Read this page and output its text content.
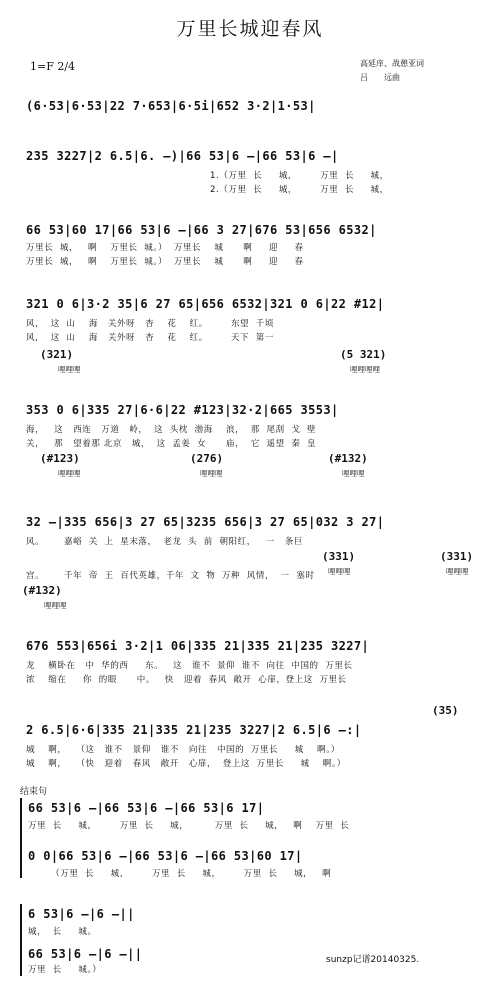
万里长城迎春风
1=F 2/4	高延庠、战憩亚词
吕　　远曲
(6·53|6·53|22 7·653|6·5i|652 3·2|1·53|
235 3227|2 6.5|6. –)|66 53|6 –|66 53|6 –|
1.（万里  长     城，       万里  长     城，
2.（万里  长     城，       万里  长     城，
66 53|60 17|66 53|6 –|66 3 27|676 53|656 6532|
万里长  城，   啊    万里长  城。）  万里长    城      啊     迎     春
万里长  城，   啊    万里长  城。）  万里长    城      啊     迎     春
321 0 6|3·2 35|6 27 65|656 6532|321 0 6|22 #12|
风，  这  山    海   关外呀   杏    花    红。       东望  千顷
风，  这  山    海   关外呀   杏    花    红。       天下  第一
(321)
哩哩哩
(5 321)
哩哩哩哩
353 0 6|335 27|6·6|22 #123|32·2|665 3553|
海，   这   西连   万道   岭，  这  头枕  渤海    浪，  那  尾刮  戈  壁
关，   那   望着那 北京   城，  这  孟姜  女      庙，  它  遥望  秦  皇
(#123)
哩哩哩
(276)
哩哩哩
(#132)
哩哩哩
32 –|335 656|3 27 65|3235 656|3 27 65|032 3 27|
风。      嘉峪  关  上  星末落，  老龙  头  前  朝阳红，   一   条巨
(331)	(331)
宫。      千年  帝  王  百代英雄，千年  文  物  万种  风情，  一  塞时
(#132)
哩哩哩
哩哩哩	哩哩哩
676 553|656i 3·2|1 06|335 21|335 21|235 3227|
龙    横卧在   中  华的西     东。   这   谁不  景仰  谁不  向往  中国的  万里长
浓    缩在     你  的眼      中。   快   迎着  春风  敞开  心扉，登上这  万里长
(35)
2 6.5|6·6|335 21|335 21|235 3227|2 6.5|6 –:|
城    啊，   （这   谁不   景仰   谁不   向往   中国的  万里长     城    啊。）
城    啊，   （快   迎着   春风   敞开   心扉，  登上这  万里长     城    啊。）
结束句
66 53|6 –|66 53|6 –|66 53|6 17|
万里  长     城，       万里  长     城，        万里  长     城，   啊    万里  长
0 0|66 53|6 –|66 53|6 –|66 53|60 17|
（万里  长     城，       万里  长     城，       万里  长     城，   啊
6 53|6 –|6 –||
城，  长     城。
66 53|6 –|6 –||
万里  长     城。）
sunzp记谱20140325.
